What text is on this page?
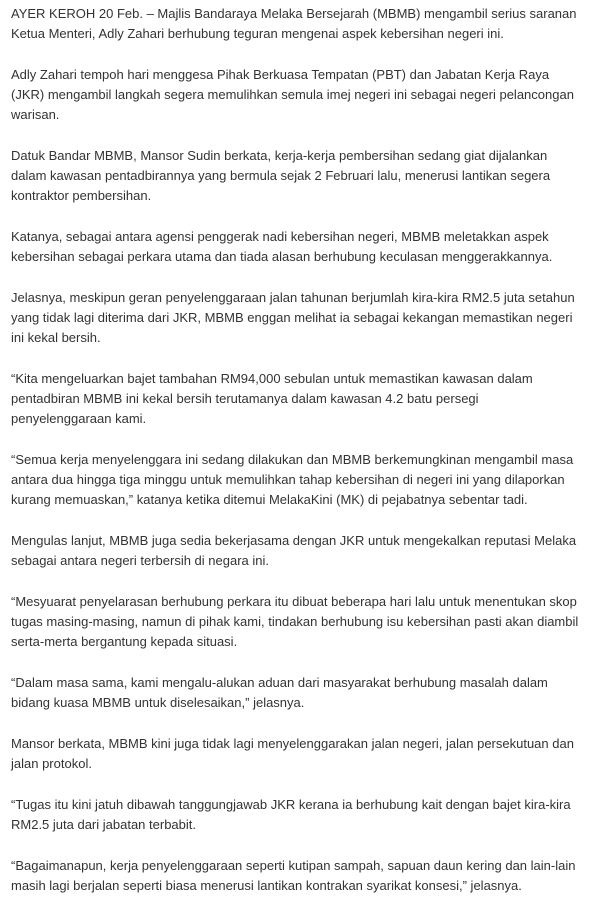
AYER KEROH 20 Feb. – Majlis Bandaraya Melaka Bersejarah (MBMB) mengambil serius saranan Ketua Menteri, Adly Zahari berhubung teguran mengenai aspek kebersihan negeri ini.

Adly Zahari tempoh hari menggesa Pihak Berkuasa Tempatan (PBT) dan Jabatan Kerja Raya (JKR) mengambil langkah segera memulihkan semula imej negeri ini sebagai negeri pelancongan warisan.

Datuk Bandar MBMB, Mansor Sudin berkata, kerja-kerja pembersihan sedang giat dijalankan dalam kawasan pentadbirannya yang bermula sejak 2 Februari lalu, menerusi lantikan segera kontraktor pembersihan.

Katanya, sebagai antara agensi penggerak nadi kebersihan negeri, MBMB meletakkan aspek kebersihan sebagai perkara utama dan tiada alasan berhubung keculasan menggerakkannya.

Jelasnya, meskipun geran penyelenggaraan jalan tahunan berjumlah kira-kira RM2.5 juta setahun yang tidak lagi diterima dari JKR, MBMB enggan melihat ia sebagai kekangan memastikan negeri ini kekal bersih.

“Kita mengeluarkan bajet tambahan RM94,000 sebulan untuk memastikan kawasan dalam pentadbiran MBMB ini kekal bersih terutamanya dalam kawasan 4.2 batu persegi penyelenggaraan kami.

“Semua kerja menyelenggara ini sedang dilakukan dan MBMB berkemungkinan mengambil masa antara dua hingga tiga minggu untuk memulihkan tahap kebersihan di negeri ini yang dilaporkan kurang memuaskan,” katanya ketika ditemui MelakaKini (MK) di pejabatnya sebentar tadi.

Mengulas lanjut, MBMB juga sedia bekerjasama dengan JKR untuk mengekalkan reputasi Melaka sebagai antara negeri terbersih di negara ini.

“Mesyuarat penyelarasan berhubung perkara itu dibuat beberapa hari lalu untuk menentukan skop tugas masing-masing, namun di pihak kami, tindakan berhubung isu kebersihan pasti akan diambil serta-merta bergantung kepada situasi.

“Dalam masa sama, kami mengalu-alukan aduan dari masyarakat berhubung masalah dalam bidang kuasa MBMB untuk diselesaikan,” jelasnya.

Mansor berkata, MBMB kini juga tidak lagi menyelenggarakan jalan negeri, jalan persekutuan dan jalan protokol.

“Tugas itu kini jatuh dibawah tanggungjawab JKR kerana ia berhubung kait dengan bajet kira-kira RM2.5 juta dari jabatan terbabit.

“Bagaimanapun, kerja penyelenggaraan seperti kutipan sampah, sapuan daun kering dan lain-lain masih lagi berjalan seperti biasa menerusi lantikan kontrakan syarikat konsesi,” jelasnya.
